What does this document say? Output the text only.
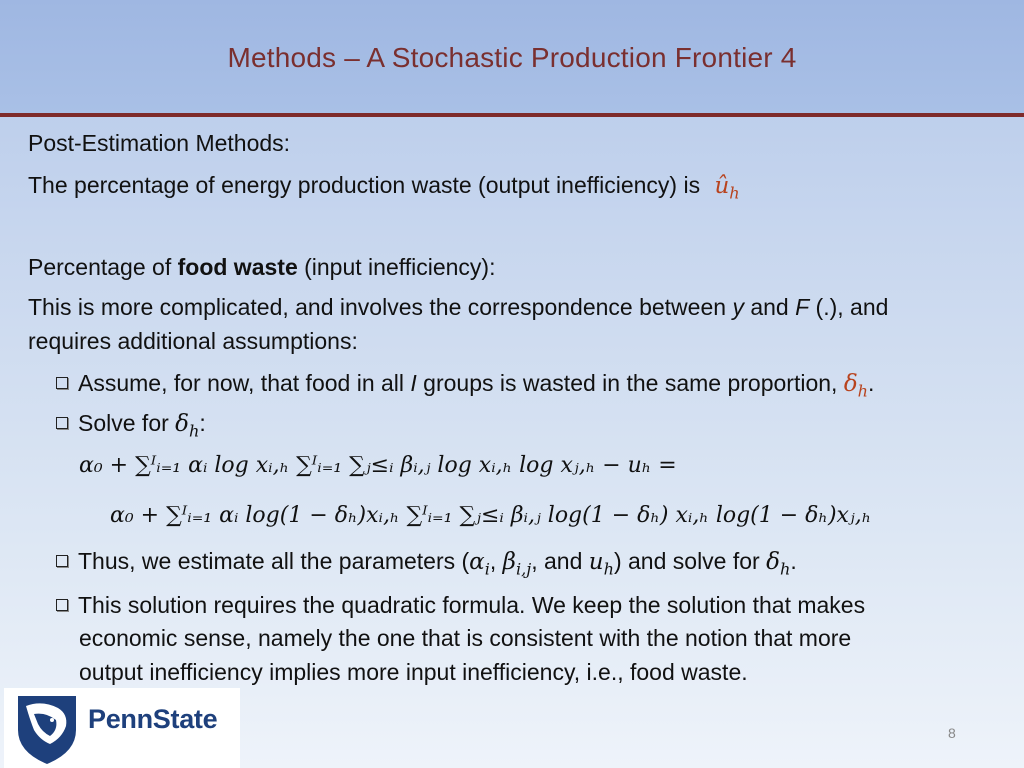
Methods – A Stochastic Production Frontier 4
Post-Estimation Methods:
The percentage of energy production waste (output inefficiency) is $û_h$
Percentage of food waste (input inefficiency):
This is more complicated, and involves the correspondence between y and F (.), and
requires additional assumptions:
Assume, for now, that food in all I groups is wasted in the same proportion, $\delta_h$.
Solve for $\delta_h$:
α₀ + ∑ᴵᵢ₌₁ αᵢ log xᵢ,ₕ ∑ᴵᵢ₌₁ ∑ⱼ≤ᵢ βᵢ,ⱼ log xᵢ,ₕ log xⱼ,ₕ − uₕ =
α₀ + ∑ᴵᵢ₌₁ αᵢ log(1 − δₕ)xᵢ,ₕ ∑ᴵᵢ₌₁ ∑ⱼ≤ᵢ βᵢ,ⱼ log(1 − δₕ) xᵢ,ₕ log(1 − δₕ)xⱼ,ₕ
Thus, we estimate all the parameters ($\alpha_i$, $\beta_{i,j}$, and $u_h$) and solve for $\delta_h$.
This solution requires the quadratic formula. We keep the solution that makes
economic sense, namely the one that is consistent with the notion that more
output inefficiency implies more input inefficiency, i.e., food waste.
PennState	8
